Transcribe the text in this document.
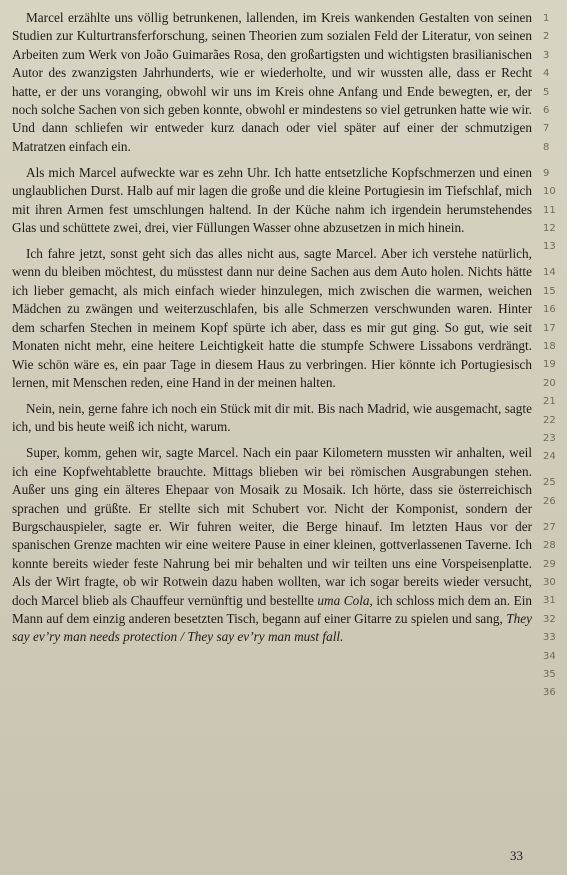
Marcel erzählte uns völlig betrunkenen, lallenden, im Kreis wankenden Gestalten von seinen Studien zur Kulturtransferforschung, seinen Theorien zum sozialen Feld der Literatur, von seinen Arbeiten zum Werk von João Guimarães Rosa, den großartigsten und wichtigsten brasilianischen Autor des zwanzigsten Jahrhunderts, wie er wiederholte, und wir wussten alle, dass er Recht hatte, er der uns voranging, obwohl wir uns im Kreis ohne Anfang und Ende bewegten, er, der noch solche Sachen von sich geben konnte, obwohl er mindestens so viel getrunken hatte wie wir. Und dann schliefen wir entweder kurz danach oder viel später auf einer der schmutzigen Matratzen einfach ein.

Als mich Marcel aufweckte war es zehn Uhr. Ich hatte entsetzliche Kopfschmerzen und einen unglaublichen Durst. Halb auf mir lagen die große und die kleine Portugiesin im Tiefschlaf, mich mit ihren Armen fest umschlungen haltend. In der Küche nahm ich irgendein herumstehendes Glas und schüttete zwei, drei, vier Füllungen Wasser ohne abzusetzen in mich hinein.

Ich fahre jetzt, sonst geht sich das alles nicht aus, sagte Marcel. Aber ich verstehe natürlich, wenn du bleiben möchtest, du müsstest dann nur deine Sachen aus dem Auto holen. Nichts hätte ich lieber gemacht, als mich einfach wieder hinzulegen, mich zwischen die warmen, weichen Mädchen zu zwängen und weiterzuschlafen, bis alle Schmerzen verschwunden waren. Hinter dem scharfen Stechen in meinem Kopf spürte ich aber, dass es mir gut ging. So gut, wie seit Monaten nicht mehr, eine heitere Leichtigkeit hatte die stumpfe Schwere Lissabons verdrängt. Wie schön wäre es, ein paar Tage in diesem Haus zu verbringen. Hier könnte ich Portugiesisch lernen, mit Menschen reden, eine Hand in der meinen halten.

Nein, nein, gerne fahre ich noch ein Stück mit dir mit. Bis nach Madrid, wie ausgemacht, sagte ich, und bis heute weiß ich nicht, warum.

Super, komm, gehen wir, sagte Marcel. Nach ein paar Kilometern mussten wir anhalten, weil ich eine Kopfwehtablette brauchte. Mittags blieben wir bei römischen Ausgrabungen stehen. Außer uns ging ein älteres Ehepaar von Mosaik zu Mosaik. Ich hörte, dass sie österreichisch sprachen und grüßte. Er stellte sich mit Schubert vor. Nicht der Komponist, sondern der Burgschauspieler, sagte er. Wir fuhren weiter, die Berge hinauf. Im letzten Haus vor der spanischen Grenze machten wir eine weitere Pause in einer kleinen, gottverlassenen Taverne. Ich konnte bereits wieder feste Nahrung bei mir behalten und wir teilten uns eine Vorspeisenplatte. Als der Wirt fragte, ob wir Rotwein dazu haben wollten, war ich sogar bereits wieder versucht, doch Marcel blieb als Chauffeur vernünftig und bestellte uma Cola, ich schloss mich dem an. Ein Mann auf dem einzig anderen besetzten Tisch, begann auf einer Gitarre zu spielen und sang, They say ev’ry man needs protection / They say ev’ry man must fall.

1
2
3
4
5
6
7
8
9
10
11
12
13
14
15
16
17
18
19
20
21
22
23
24
25
26
27
28
29
30
31
32
33
34
35
36
33
